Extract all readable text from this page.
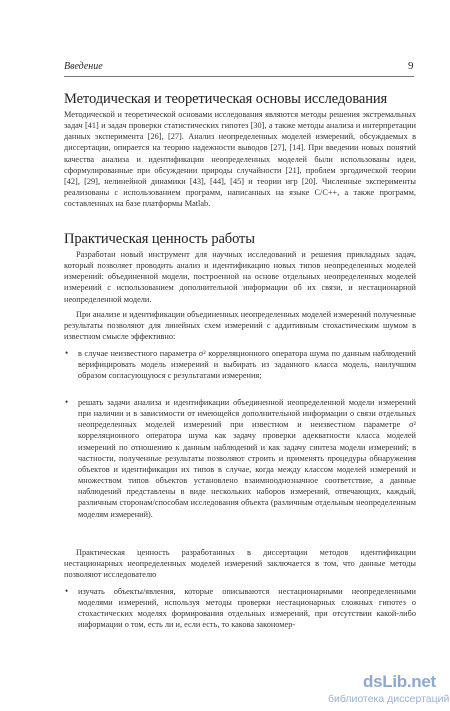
Введение	9
Методическая и теоретическая основы исследования

Методической и теоретической основами исследования являются методы решения экстремальных задач [41] и задач проверки статистических гипотез [30], а также методы анализа и интерпретации данных эксперимента [26], [27]. Анализ неопределенных моделей измерений, обсуждаемых в диссертации, опирается на теорию надежности выводов [27], [14]. При введении новых понятий качества анализа и идентификации неопределенных моделей были использованы идеи, сформулированные при обсуждении природы случайности [21], проблем эргодической теории [42], [29], нелинейной динамики [43], [44], [45] и теории игр [20]. Численные эксперименты реализованы с использованием программ, написанных на языке C/C++, а также программ, составленных на базе платформы Matlab.

Практическая ценность работы

Разработан новый инструмент для научных исследований и решения прикладных задач, который позволяет проводить анализ и идентификацию новых типов неопределенных моделей измерений: объединенной модели, построенной на основе отдельных неопределенных моделей измерений с использованием дополнительной информации об их связи, и нестационарной неопределенной модели.

При анализе и идентификации объединенных неопределенных моделей измерений полученные результаты позволяют для линейных схем измерений с аддитивным стохастическим шумом в известном смысле эффективно:

• в случае неизвестного параметра σ² корреляционного оператора шума по данным наблюдений верифицировать модель измерений и выбирать из заданного класса модель, наилучшим образом согласующуюся с результатами измерения;
• решать задачи анализа и идентификации объединенной неопределенной модели измерений при наличии и в зависимости от имеющейся дополнительной информации о связи отдельных неопределенных моделей измерений при известном и неизвестном параметре σ² корреляционного оператора шума как задачу проверки адекватности класса моделей измерений по отношению к данным наблюдений и как задачу синтеза модели измерений; в частности, полученные результаты позволяют строить и применять процедуры обнаружения объектов и идентификации их типов в случае, когда между классом моделей измерений и множеством типов объектов установлено взаимнооднозначное соответствие, а данные наблюдений представлены в виде нескольких наборов измерений, отвечающих, каждый, различным сторонам/способам исследования объекта (различным отдельным неопределенным моделям измерений).

Практическая ценность разработанных в диссертации методов идентификации нестационарных неопределенных моделей измерений заключается в том, что данные методы позволяют исследователю

• изучать объекты/явления, которые описываются нестационарными неопределенными моделями измерений, используя методы проверки нестационарных сложных гипотез о стохастических моделях формирования отдельных измерений, при отсутствии какой-либо информации о том, есть ли и, если есть, то какова закономер-
dsLib.net
библиотека диссертаций
